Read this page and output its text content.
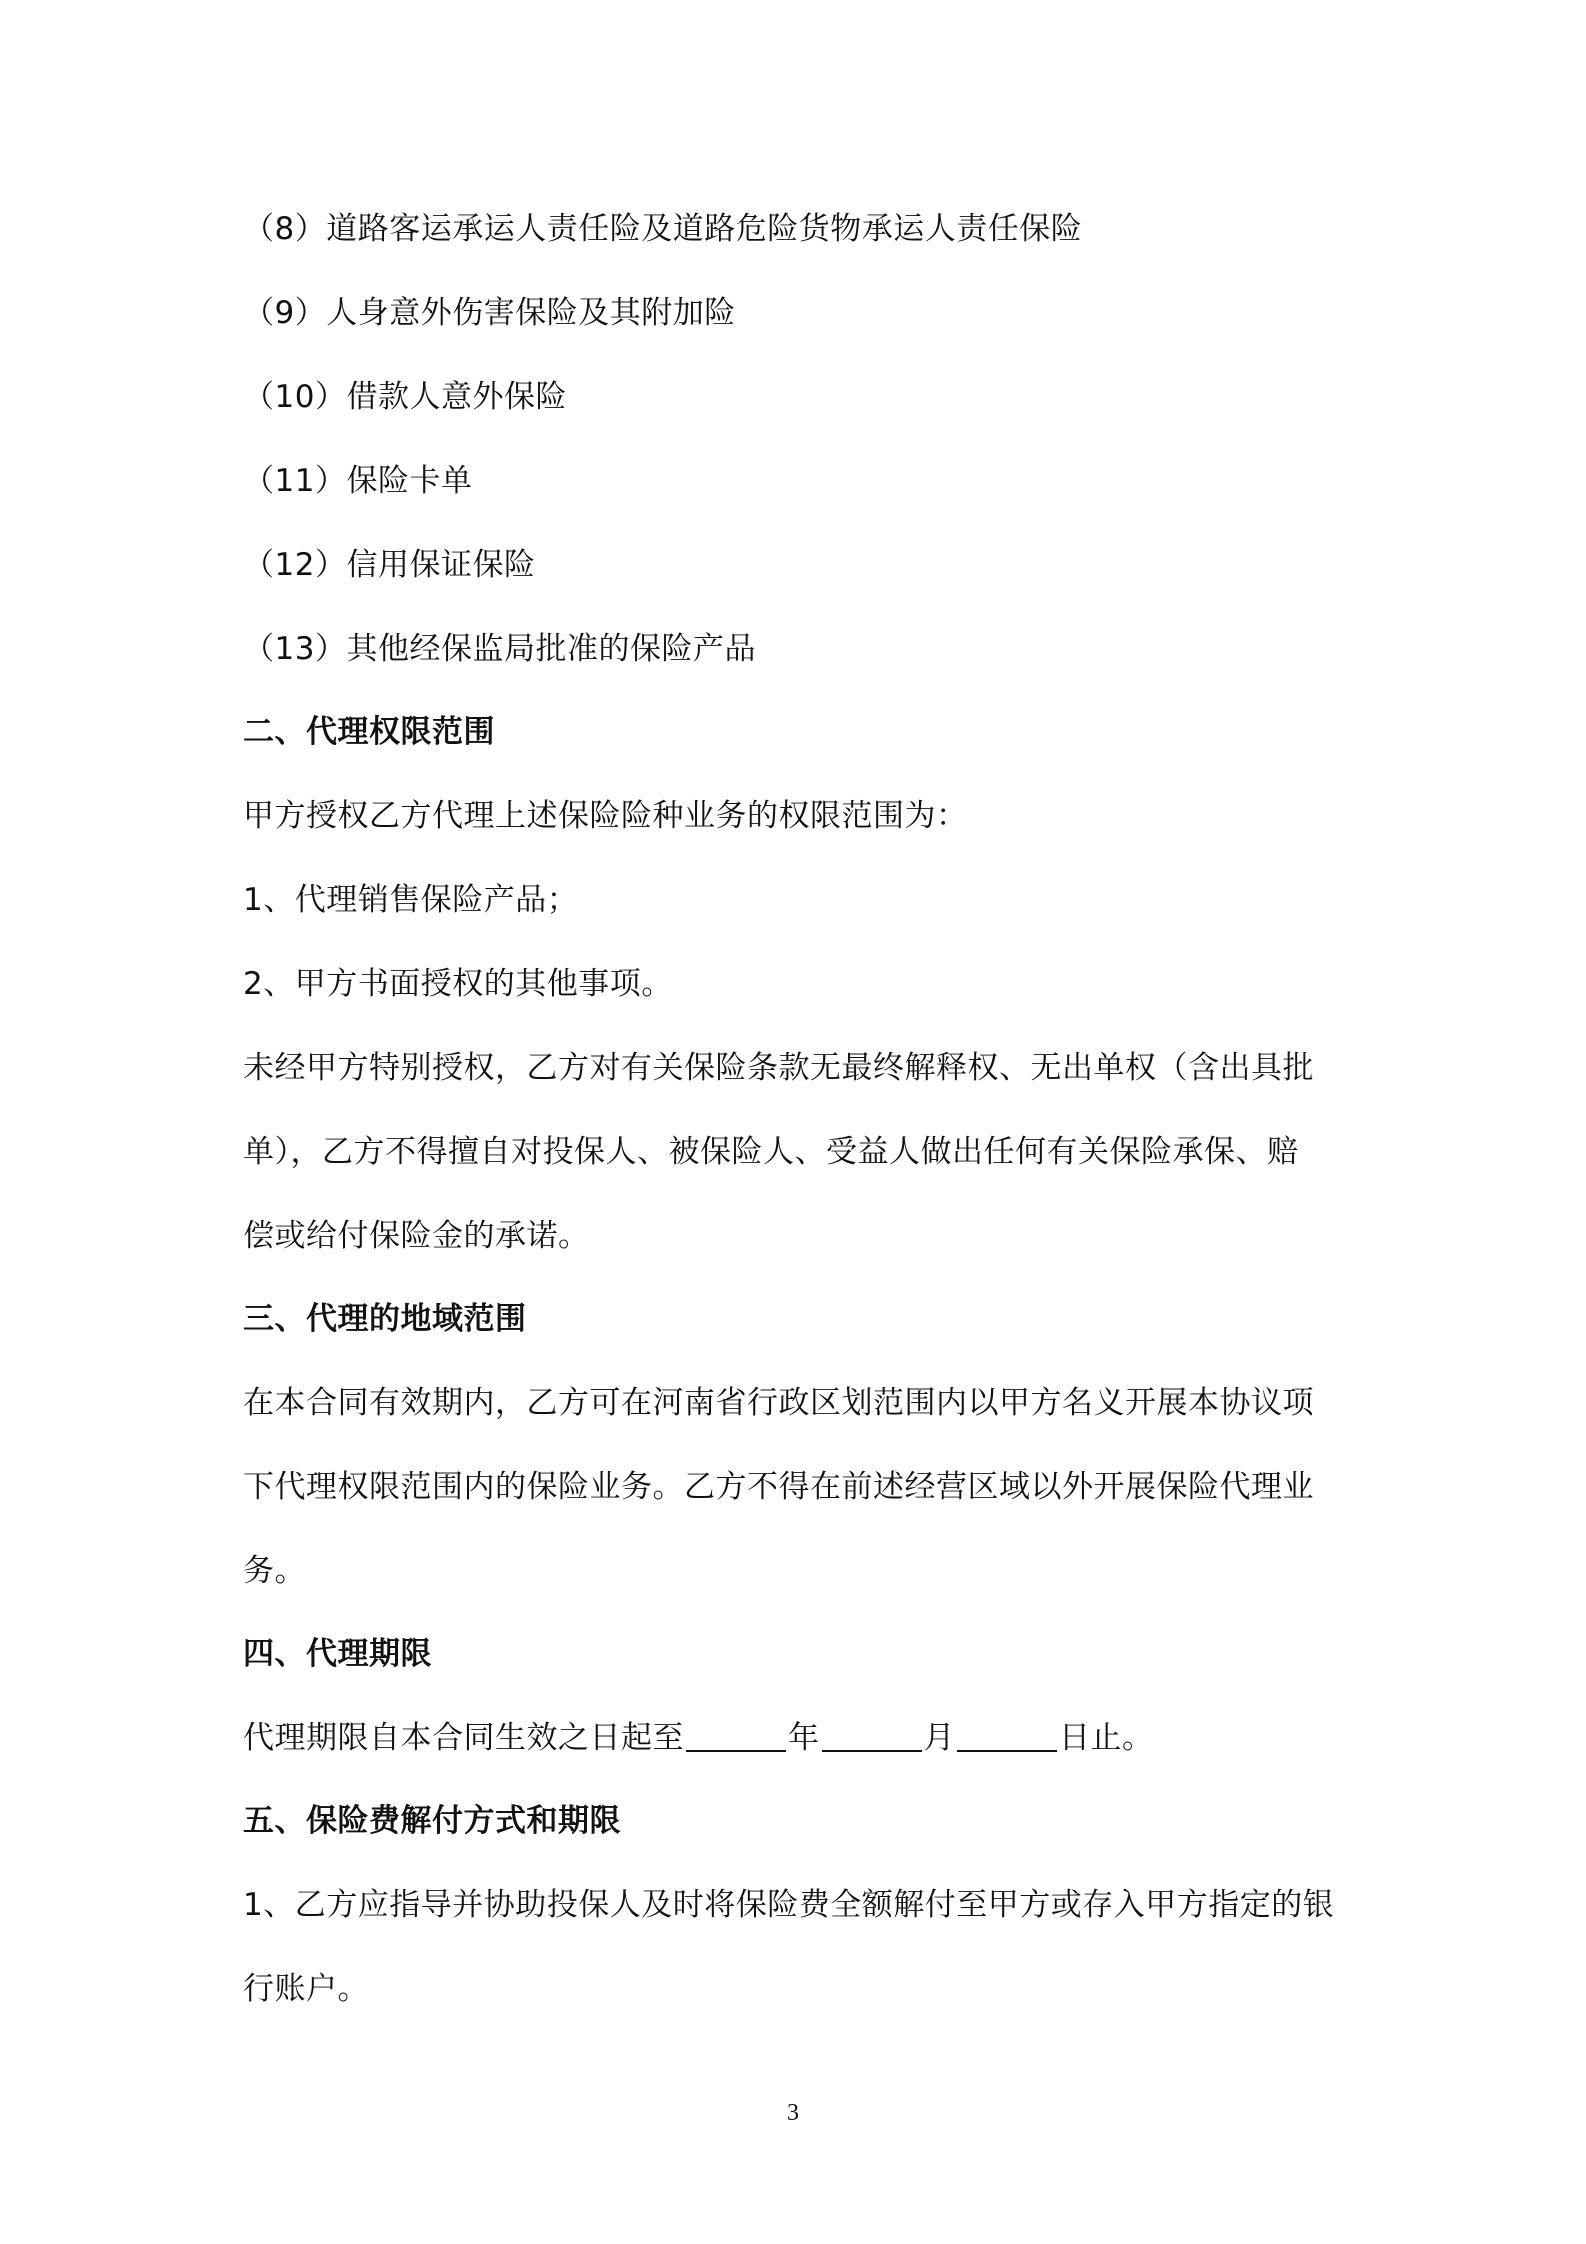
（8）道路客运承运人责任险及道路危险货物承运人责任保险
（9）人身意外伤害保险及其附加险
（10）借款人意外保险
（11）保险卡单
（12）信用保证保险
（13）其他经保监局批准的保险产品
二、代理权限范围
甲方授权乙方代理上述保险险种业务的权限范围为：
1、代理销售保险产品；
2、甲方书面授权的其他事项。
未经甲方特别授权，乙方对有关保险条款无最终解释权、无出单权（含出具批
单），乙方不得擅自对投保人、被保险人、受益人做出任何有关保险承保、赔
偿或给付保险金的承诺。
三、代理的地域范围
在本合同有效期内，乙方可在河南省行政区划范围内以甲方名义开展本协议项
下代理权限范围内的保险业务。乙方不得在前述经营区域以外开展保险代理业
务。
四、代理期限
代理期限自本合同生效之日起至	年	月	日止。
五、保险费解付方式和期限
1、乙方应指导并协助投保人及时将保险费全额解付至甲方或存入甲方指定的银
行账户。
3
